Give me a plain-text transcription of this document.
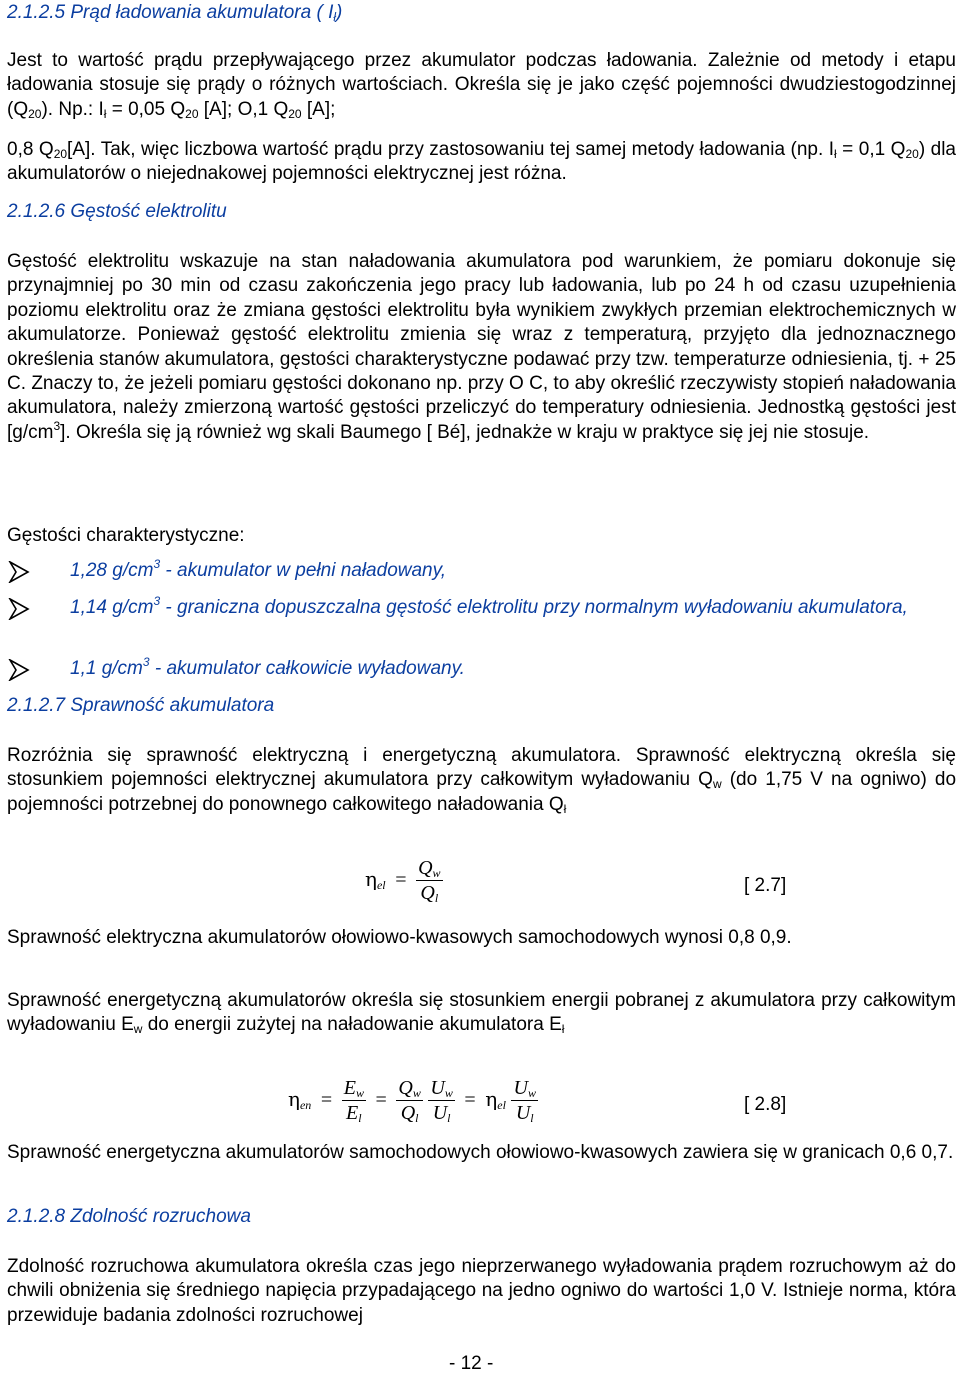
2.1.2.5 Prąd ładowania akumulatora ( $I_ł$)
Jest to wartość prądu przepływającego przez akumulator podczas ładowania. Zależnie od metody i etapu ładowania stosuje się prądy o różnych wartościach. Określa się je jako część pojemności dwudziestogodzinnej $(Q_{20})$. Np.: $I_ł = 0,05$ $Q_{20}$ [A]; O,1 $Q_{20}$ [A];
0,8 $Q_{20}[A]$. Tak, więc liczbowa wartość prądu przy zastosowaniu tej samej metody ładowania (np. $I_ł = 0,1$ $Q_{20}$) dla akumulatorów o niejednakowej pojemności elektrycznej jest różna.
2.1.2.6 Gęstość elektrolitu
Gęstość elektrolitu wskazuje na stan naładowania akumulatora pod warunkiem, że pomiaru dokonuje się przynajmniej po 30 min od czasu zakończenia jego pracy lub ładowania, lub po 24 h od czasu uzupełnienia poziomu elektrolitu oraz że zmiana gęstości elektrolitu była wynikiem zwykłych przemian elektrochemicznych w akumulatorze. Ponieważ gęstość elektrolitu zmienia się wraz z temperaturą, przyjęto dla jednoznacznego określenia stanów akumulatora, gęstości charakterystyczne podawać przy tzw. temperaturze odniesienia, tj. + 25 C. Znaczy to, że jeżeli pomiaru gęstości dokonano np. przy O C, to aby określić rzeczywisty stopień naładowania akumulatora, należy zmierzoną wartość gęstości przeliczyć do temperatury odniesienia. Jednostką gęstości jest $[g/cm^3]$. Określa się ją również wg skali Baumego [ Bé], jednakże w kraju w praktyce się jej nie stosuje.
Gęstości charakterystyczne:
1,28 $g/cm^3$ - akumulator w pełni naładowany,
1,14 $g/cm^3$ - graniczna dopuszczalna gęstość elektrolitu przy normalnym wyładowaniu akumulatora,
1,1 $g/cm^3$ - akumulator całkowicie wyładowany.
2.1.2.7 Sprawność akumulatora
Rozróżnia się sprawność elektryczną i energetyczną akumulatora. Sprawność elektryczną określa się stosunkiem pojemności elektrycznej akumulatora przy całkowitym wyładowaniu $Q_w$ (do 1,75 V na ogniwo) do pojemności potrzebnej do ponownego całkowitego naładowania $Q_ł$
$\eta_{el} = \frac{Q_w}{Q_l}$	[ 2.7]
Sprawność elektryczna akumulatorów ołowiowo-kwasowych samochodowych wynosi 0,8 0,9.
Sprawność energetyczną akumulatorów określa się stosunkiem energii pobranej z akumulatora przy całkowitym wyładowaniu $E_w$ do energii zużytej na naładowanie akumulatora $E_ł$
$\eta_{en} = \frac{E_w}{E_l} = \frac{Q_w}{Q_l}$
$\frac{U_w}{U_l} = \eta_{el} \frac{U_w}{U_l}$	[ 2.8]
Sprawność energetyczna akumulatorów samochodowych ołowiowo-kwasowych zawiera się w granicach 0,6 0,7.
2.1.2.8 Zdolność rozruchowa
Zdolność rozruchowa akumulatora określa czas jego nieprzerwanego wyładowania prądem rozruchowym aż do chwili obniżenia się średniego napięcia przypadającego na jedno ogniwo do wartości 1,0 V. Istnieje norma, która przewiduje badania zdolności rozruchowej
- 12 -
